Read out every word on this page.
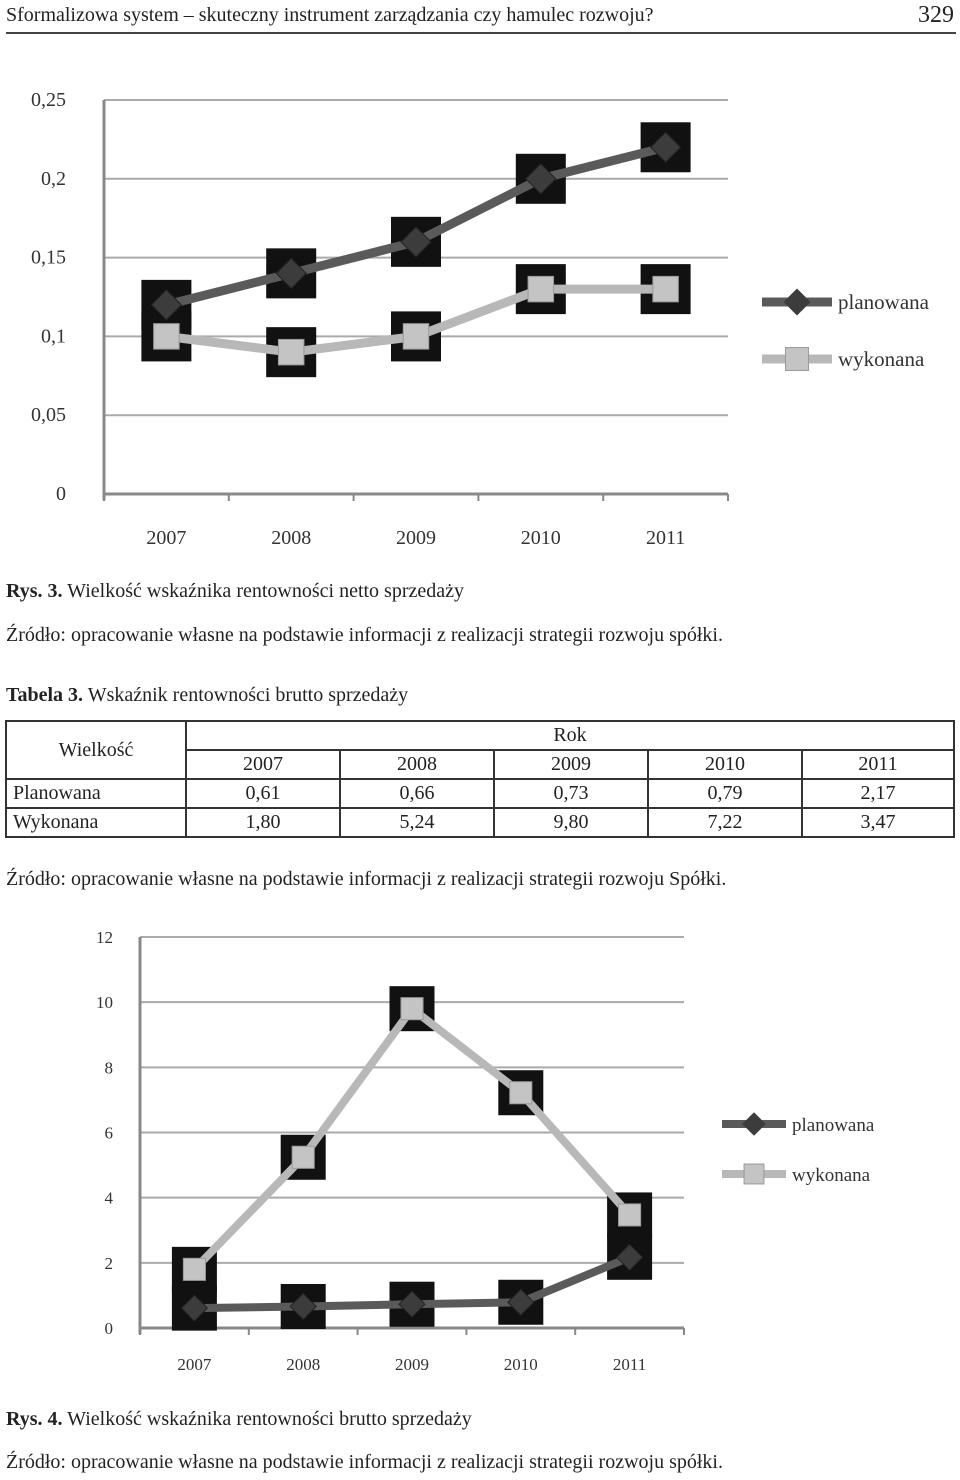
Sformalizowa system – skuteczny instrument zarządzania czy hamulec rozwoju?	329
0
0,05
0,1
0,15
0,2
0,25
2007	2008	2009	2010	2011
planowana
wykonana
Rys. 3. Wielkość wskaźnika rentowności netto sprzedaży
Źródło: opracowanie własne na podstawie informacji z realizacji strategii rozwoju spółki.
Tabela 3. Wskaźnik rentowności brutto sprzedaży
Wielkość	Rok				
	2007	2008	2009	2010	2011
Planowana	0,61	0,66	0,73	0,79	2,17
Wykonana	1,80	5,24	9,80	7,22	3,47
Źródło: opracowanie własne na podstawie informacji z realizacji strategii rozwoju Spółki.
0
2
4
6
8
10
12
2007	2008	2009	2010	2011
planowana
wykonana
Rys. 4. Wielkość wskaźnika rentowności brutto sprzedaży
Źródło: opracowanie własne na podstawie informacji z realizacji strategii rozwoju spółki.
